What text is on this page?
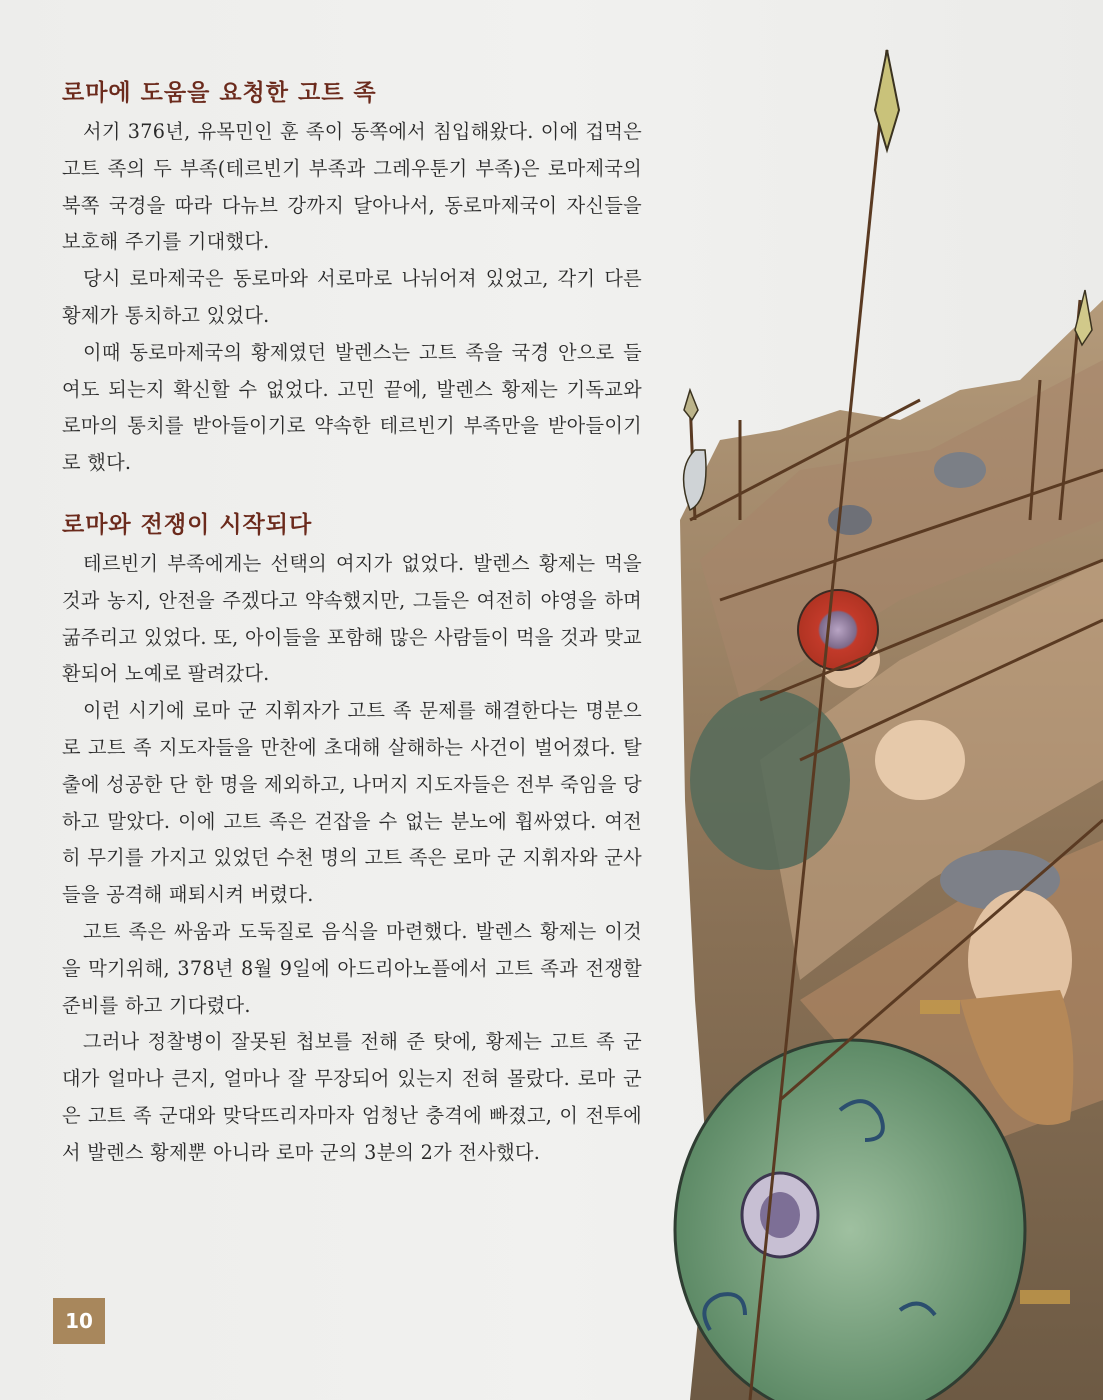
로마에 도움을 요청한 고트 족

서기 376년, 유목민인 훈 족이 동쪽에서 침입해왔다. 이에 겁먹은 고트 족의 두 부족(테르빈기 부족과 그레우툰기 부족)은 로마제국의 북쪽 국경을 따라 다뉴브 강까지 달아나서, 동로마제국이 자신들을 보호해 주기를 기대했다.

당시 로마제국은 동로마와 서로마로 나뉘어져 있었고, 각기 다른 황제가 통치하고 있었다.

이때 동로마제국의 황제였던 발렌스는 고트 족을 국경 안으로 들여도 되는지 확신할 수 없었다. 고민 끝에, 발렌스 황제는 기독교와 로마의 통치를 받아들이기로 약속한 테르빈기 부족만을 받아들이기로 했다.

로마와 전쟁이 시작되다

테르빈기 부족에게는 선택의 여지가 없었다. 발렌스 황제는 먹을 것과 농지, 안전을 주겠다고 약속했지만, 그들은 여전히 야영을 하며 굶주리고 있었다. 또, 아이들을 포함해 많은 사람들이 먹을 것과 맞교환되어 노예로 팔려갔다.

이런 시기에 로마 군 지휘자가 고트 족 문제를 해결한다는 명분으로 고트 족 지도자들을 만찬에 초대해 살해하는 사건이 벌어졌다. 탈출에 성공한 단 한 명을 제외하고, 나머지 지도자들은 전부 죽임을 당하고 말았다. 이에 고트 족은 걷잡을 수 없는 분노에 휩싸였다. 여전히 무기를 가지고 있었던 수천 명의 고트 족은 로마 군 지휘자와 군사들을 공격해 패퇴시켜 버렸다.

고트 족은 싸움과 도둑질로 음식을 마련했다. 발렌스 황제는 이것을 막기위해, 378년 8월 9일에 아드리아노플에서 고트 족과 전쟁할 준비를 하고 기다렸다.

그러나 정찰병이 잘못된 첩보를 전해 준 탓에, 황제는 고트 족 군대가 얼마나 큰지, 얼마나 잘 무장되어 있는지 전혀 몰랐다. 로마 군은 고트 족 군대와 맞닥뜨리자마자 엄청난 충격에 빠졌고, 이 전투에서 발렌스 황제뿐 아니라 로마 군의 3분의 2가 전사했다.

10
